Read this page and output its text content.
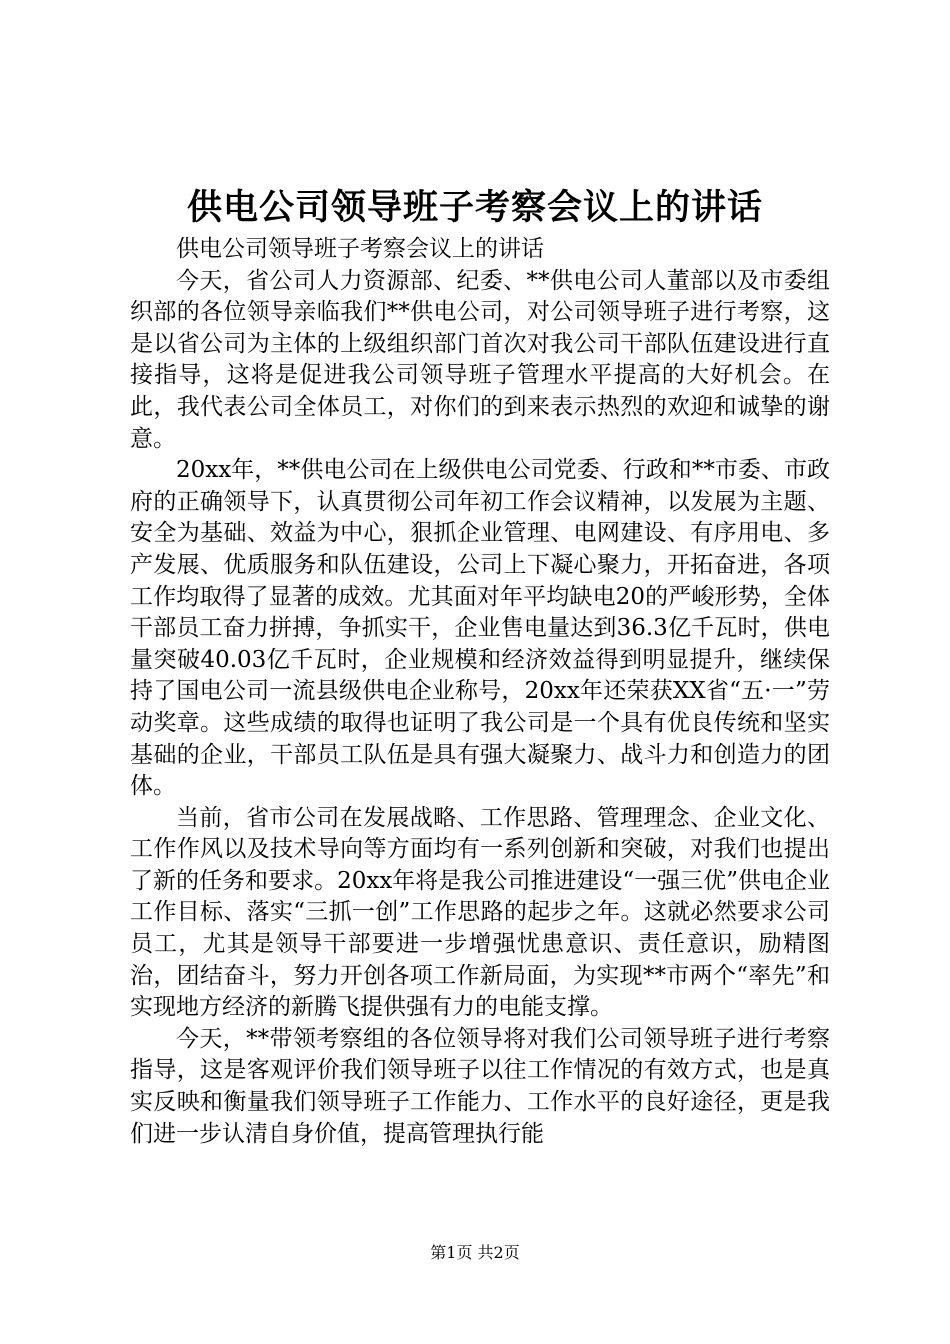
供电公司领导班子考察会议上的讲话

供电公司领导班子考察会议上的讲话

今天，省公司人力资源部、纪委、**供电公司人董部以及市委组织部的各位领导亲临我们**供电公司，对公司领导班子进行考察，这是以省公司为主体的上级组织部门首次对我公司干部队伍建设进行直接指导，这将是促进我公司领导班子管理水平提高的大好机会。在此，我代表公司全体员工，对你们的到来表示热烈的欢迎和诚挚的谢意。

20xx年，**供电公司在上级供电公司党委、行政和**市委、市政府的正确领导下，认真贯彻公司年初工作会议精神，以发展为主题、安全为基础、效益为中心，狠抓企业管理、电网建设、有序用电、多产发展、优质服务和队伍建设，公司上下凝心聚力，开拓奋进，各项工作均取得了显著的成效。尤其面对年平均缺电20的严峻形势，全体干部员工奋力拼搏，争抓实干，企业售电量达到36.3亿千瓦时，供电量突破40.03亿千瓦时，企业规模和经济效益得到明显提升，继续保持了国电公司一流县级供电企业称号，20xx年还荣获XX省“五·一”劳动奖章。这些成绩的取得也证明了我公司是一个具有优良传统和坚实基础的企业，干部员工队伍是具有强大凝聚力、战斗力和创造力的团体。

当前，省市公司在发展战略、工作思路、管理理念、企业文化、工作作风以及技术导向等方面均有一系列创新和突破，对我们也提出了新的任务和要求。20xx年将是我公司推进建设“一强三优”供电企业工作目标、落实“三抓一创”工作思路的起步之年。这就必然要求公司员工，尤其是领导干部要进一步增强忧患意识、责任意识，励精图治，团结奋斗，努力开创各项工作新局面，为实现**市两个“率先”和实现地方经济的新腾飞提供强有力的电能支撑。

今天，**带领考察组的各位领导将对我们公司领导班子进行考察指导，这是客观评价我们领导班子以往工作情况的有效方式，也是真实反映和衡量我们领导班子工作能力、工作水平的良好途径，更是我们进一步认清自身价值，提高管理执行能

第1页 共2页
